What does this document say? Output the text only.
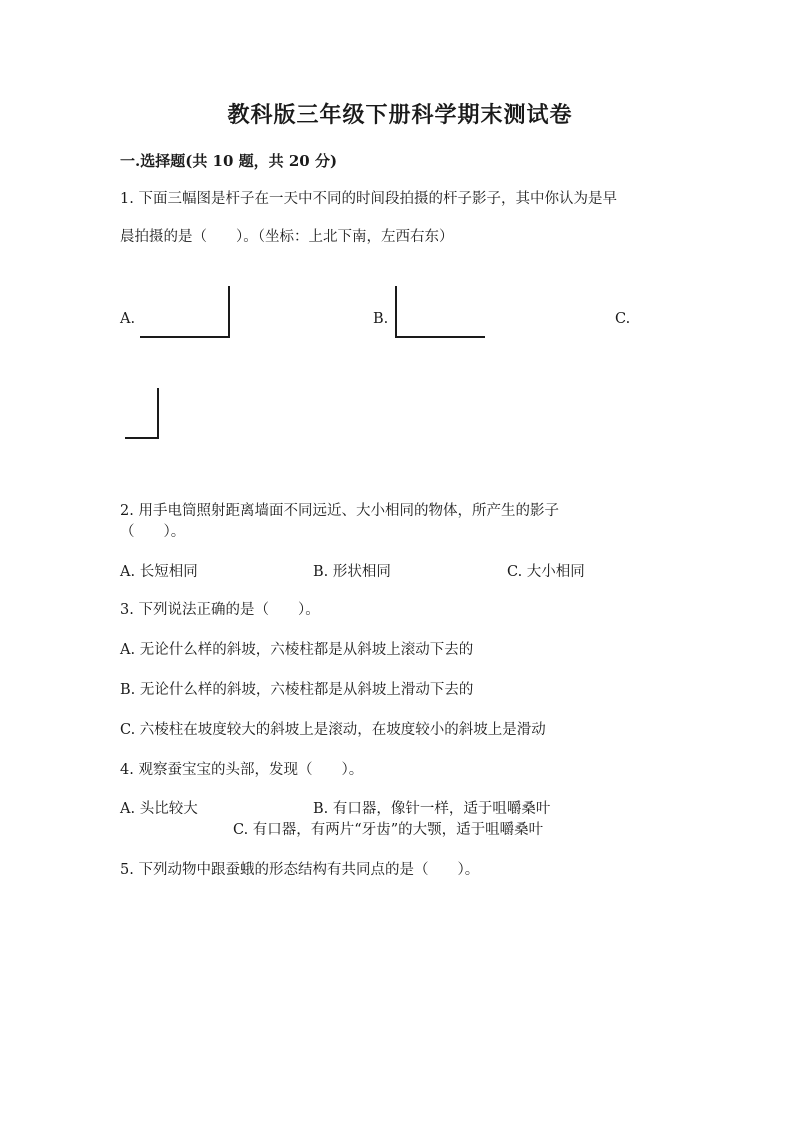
教科版三年级下册科学期末测试卷
一.选择题(共 10 题，共 20 分)
1. 下面三幅图是杆子在一天中不同的时间段拍摄的杆子影子，其中你认为是早
晨拍摄的是（　　）。（坐标：上北下南，左西右东）
A.	B.	C.
2. 用手电筒照射距离墙面不同远近、大小相同的物体，所产生的影子
（　　）。
A. 长短相同	B. 形状相同	C. 大小相同
3. 下列说法正确的是（　　）。
A. 无论什么样的斜坡，六棱柱都是从斜坡上滚动下去的
B. 无论什么样的斜坡，六棱柱都是从斜坡上滑动下去的
C. 六棱柱在坡度较大的斜坡上是滚动，在坡度较小的斜坡上是滑动
4. 观察蚕宝宝的头部，发现（　　）。
A. 头比较大	B. 有口器，像针一样，适于咀嚼桑叶
C. 有口器，有两片“牙齿”的大颚，适于咀嚼桑叶
5. 下列动物中跟蚕蛾的形态结构有共同点的是（　　）。
